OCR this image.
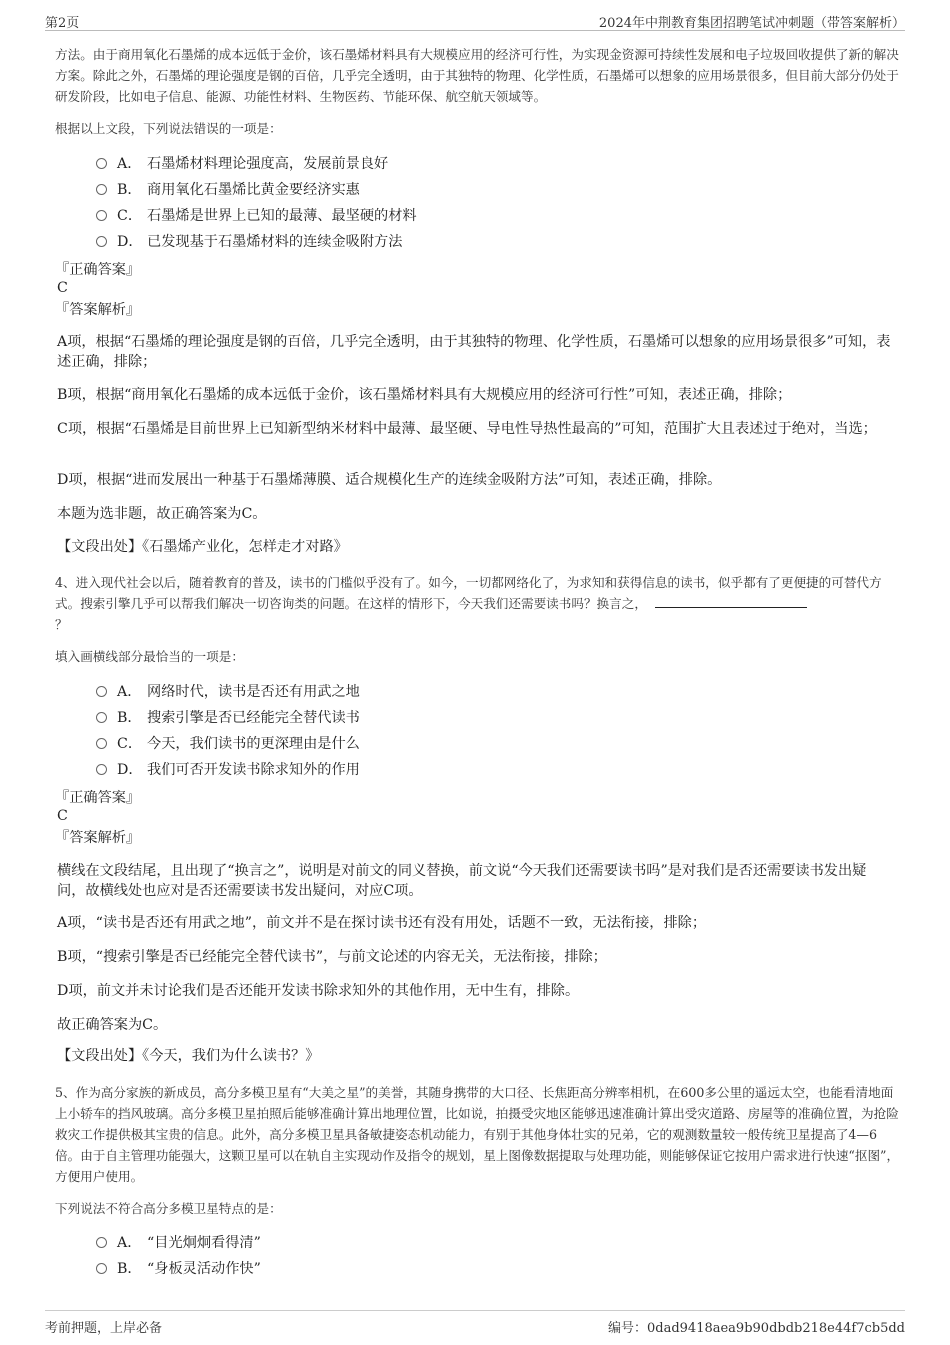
第2页	2024年中荆教育集团招聘笔试冲刺题（带答案解析）
方法。由于商用氧化石墨烯的成本远低于金价，该石墨烯材料具有大规模应用的经济可行性，为实现金资源可持续性发展和电子垃圾回收提供了新的解决方案。除此之外，石墨烯的理论强度是钢的百倍，几乎完全透明，由于其独特的物理、化学性质，石墨烯可以想象的应用场景很多，但目前大部分仍处于研发阶段，比如电子信息、能源、功能性材料、生物医药、节能环保、航空航天领域等。
根据以上文段，下列说法错误的一项是：
A． 石墨烯材料理论强度高，发展前景良好
B． 商用氧化石墨烯比黄金要经济实惠
C． 石墨烯是世界上已知的最薄、最坚硬的材料
D． 已发现基于石墨烯材料的连续金吸附方法
『正确答案』
C
『答案解析』
A项，根据“石墨烯的理论强度是钢的百倍，几乎完全透明，由于其独特的物理、化学性质，石墨烯可以想象的应用场景很多”可知，表述正确，排除；
B项，根据“商用氧化石墨烯的成本远低于金价，该石墨烯材料具有大规模应用的经济可行性”可知，表述正确，排除；
C项，根据“石墨烯是目前世界上已知新型纳米材料中最薄、最坚硬、导电性导热性最高的”可知，范围扩大且表述过于绝对，当选；
D项，根据“进而发展出一种基于石墨烯薄膜、适合规模化生产的连续金吸附方法”可知，表述正确，排除。
本题为选非题，故正确答案为C。
【文段出处】《石墨烯产业化，怎样走才对路》
4、进入现代社会以后，随着教育的普及，读书的门槛似乎没有了。如今，一切都网络化了，为求知和获得信息的读书，似乎都有了更便捷的可替代方式。搜索引擎几乎可以帮我们解决一切咨询类的问题。在这样的情形下，今天我们还需要读书吗？换言之，
？
填入画横线部分最恰当的一项是：
A． 网络时代，读书是否还有用武之地
B． 搜索引擎是否已经能完全替代读书
C． 今天，我们读书的更深理由是什么
D． 我们可否开发读书除求知外的作用
『正确答案』
C
『答案解析』
横线在文段结尾，且出现了“换言之”，说明是对前文的同义替换，前文说“今天我们还需要读书吗”是对我们是否还需要读书发出疑问，故横线处也应对是否还需要读书发出疑问，对应C项。
A项，“读书是否还有用武之地”，前文并不是在探讨读书还有没有用处，话题不一致，无法衔接，排除；
B项，“搜索引擎是否已经能完全替代读书”，与前文论述的内容无关，无法衔接，排除；
D项，前文并未讨论我们是否还能开发读书除求知外的其他作用，无中生有，排除。
故正确答案为C。
【文段出处】《今天，我们为什么读书？》
5、作为高分家族的新成员，高分多模卫星有“大美之星”的美誉，其随身携带的大口径、长焦距高分辨率相机，在600多公里的遥远太空，也能看清地面上小轿车的挡风玻璃。高分多模卫星拍照后能够准确计算出地理位置，比如说，拍摄受灾地区能够迅速准确计算出受灾道路、房屋等的准确位置，为抢险救灾工作提供极其宝贵的信息。此外，高分多模卫星具备敏捷姿态机动能力，有别于其他身体壮实的兄弟，它的观测数量较一般传统卫星提高了4—6倍。由于自主管理功能强大，这颗卫星可以在轨自主实现动作及指令的规划，星上图像数据提取与处理功能，则能够保证它按用户需求进行快速“抠图”，方便用户使用。
下列说法不符合高分多模卫星特点的是：
A． “目光炯炯看得清”
B． “身板灵活动作快”
考前押题，上岸必备	编号：0dad9418aea9b90dbdb218e44f7cb5dd
